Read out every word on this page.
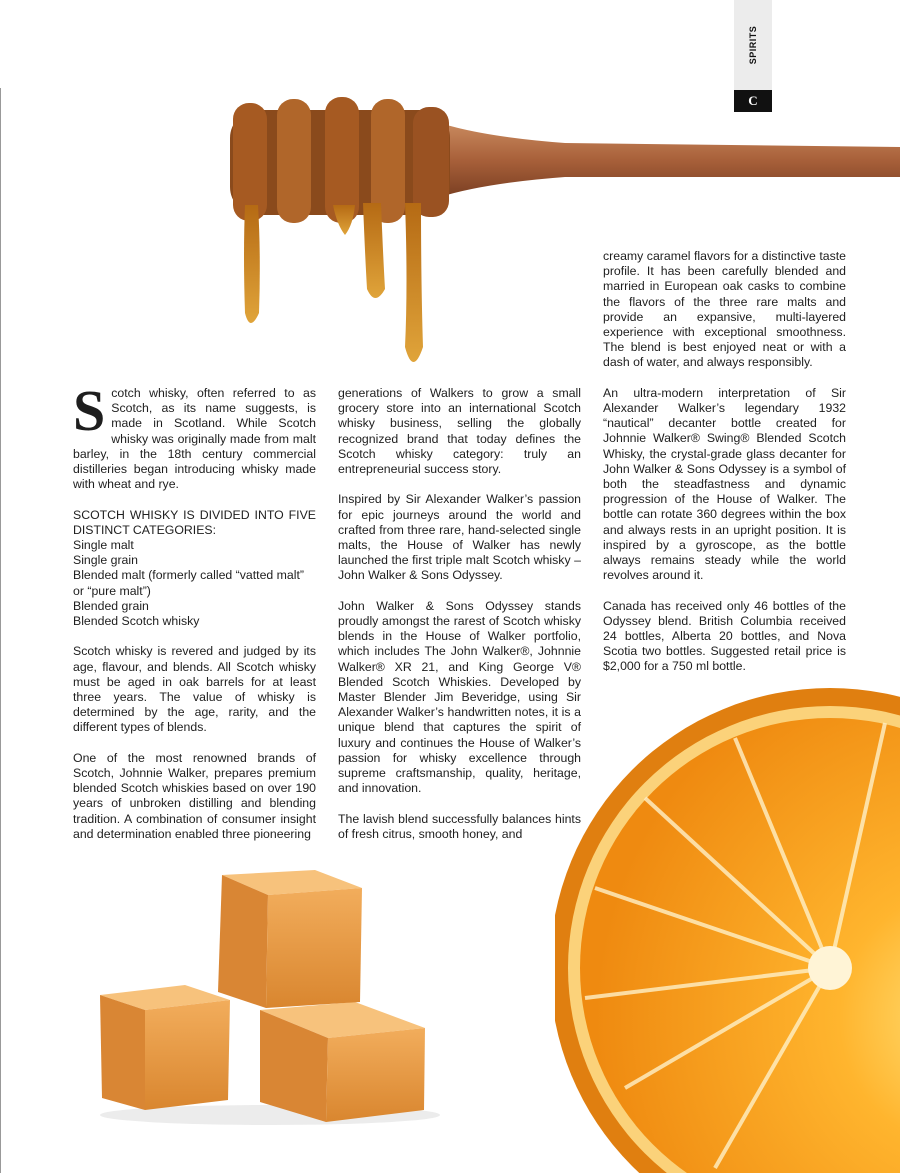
SPIRITS
C
S cotch whisky, often referred to as Scotch, as its name suggests, is made in Scotland. While Scotch whisky was originally made from malt barley, in the 18th century commercial distilleries began introducing whisky made with wheat and rye.

SCOTCH WHISKY IS DIVIDED INTO FIVE DISTINCT CATEGORIES:
Single malt
Single grain
Blended malt (formerly called “vatted malt” or “pure malt”)
Blended grain
Blended Scotch whisky

Scotch whisky is revered and judged by its age, flavour, and blends. All Scotch whisky must be aged in oak barrels for at least three years. The value of whisky is determined by the age, rarity, and the different types of blends.

One of the most renowned brands of Scotch, Johnnie Walker, prepares premium blended Scotch whiskies based on over 190 years of unbroken distilling and blending tradition. A combination of consumer insight and determination enabled three pioneering

generations of Walkers to grow a small grocery store into an international Scotch whisky business, selling the globally recognized brand that today defines the Scotch whisky category: truly an entrepreneurial success story.

Inspired by Sir Alexander Walker’s passion for epic journeys around the world and crafted from three rare, hand-selected single malts, the House of Walker has newly launched the first triple malt Scotch whisky – John Walker & Sons Odyssey.

John Walker & Sons Odyssey stands proudly amongst the rarest of Scotch whisky blends in the House of Walker portfolio, which includes The John Walker®, Johnnie Walker® XR 21, and King George V® Blended Scotch Whiskies. Developed by Master Blender Jim Beveridge, using Sir Alexander Walker’s handwritten notes, it is a unique blend that captures the spirit of luxury and continues the House of Walker’s passion for whisky excellence through supreme craftsmanship, quality, heritage, and innovation.

The lavish blend successfully balances hints of fresh citrus, smooth honey, and

creamy caramel flavors for a distinctive taste profile. It has been carefully blended and married in European oak casks to combine the flavors of the three rare malts and provide an expansive, multi-layered experience with exceptional smoothness. The blend is best enjoyed neat or with a dash of water, and always responsibly.

An ultra-modern interpretation of Sir Alexander Walker’s legendary 1932 “nautical” decanter bottle created for Johnnie Walker® Swing® Blended Scotch Whisky, the crystal-grade glass decanter for John Walker & Sons Odyssey is a symbol of both the steadfastness and dynamic progression of the House of Walker. The bottle can rotate 360 degrees within the box and always rests in an upright position. It is inspired by a gyroscope, as the bottle always remains steady while the world revolves around it.

Canada has received only 46 bottles of the Odyssey blend. British Columbia received 24 bottles, Alberta 20 bottles, and Nova Scotia two bottles. Suggested retail price is $2,000 for a 750 ml bottle.
